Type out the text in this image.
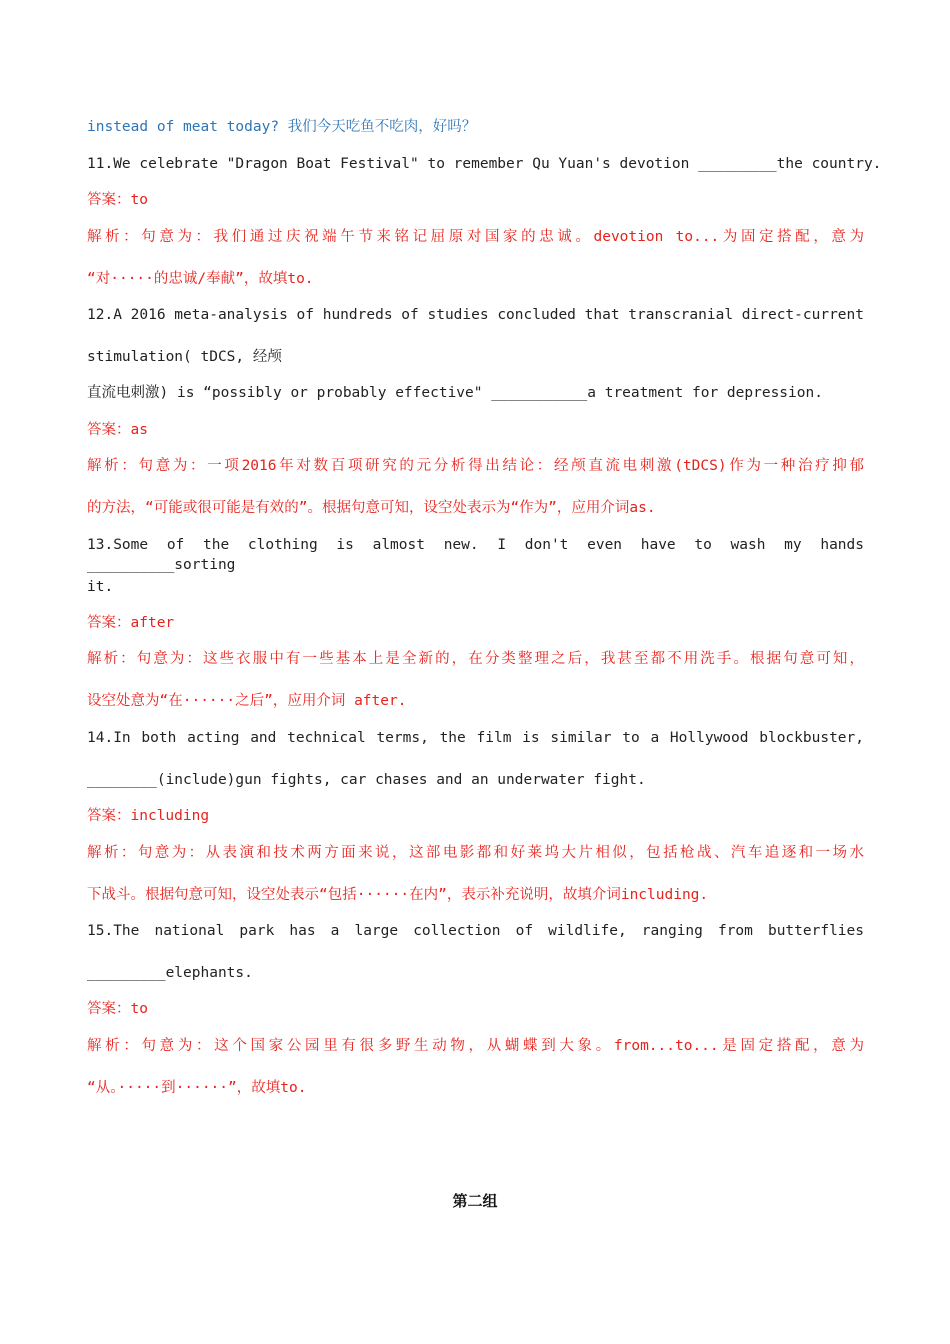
instead of meat today? 我们今天吃鱼不吃肉，好吗？
11.We celebrate "Dragon Boat Festival" to remember Qu Yuan's devotion _________the country.
答案：to
解析：句意为：我们通过庆祝端午节来铭记屈原对国家的忠诚。devotion to...为固定搭配，意为
“对·····的忠诚/奉献”，故填to.
12.A 2016 meta-analysis of hundreds of studies concluded that transcranial direct-current
stimulation( tDCS, 经颅
直流电刺激) is “possibly or probably effective" ___________a treatment for depression.
答案：as
解析：句意为：一项2016年对数百项研究的元分析得出结论：经颅直流电刺激(tDCS)作为一种治疗抑郁
的方法，“可能或很可能是有效的”。根据句意可知，设空处表示为“作为”，应用介词as.
13.Some of the clothing is almost new. I don't even have to wash my hands __________sorting
it.
答案：after
解析：句意为：这些衣服中有一些基本上是全新的，在分类整理之后，我甚至都不用洗手。根据句意可知，
设空处意为“在······之后”，应用介词 after.
14.In both acting and technical terms, the film is similar to a Hollywood blockbuster,
________(include)gun fights, car chases and an underwater fight.
答案：including
解析：句意为：从表演和技术两方面来说，这部电影都和好莱坞大片相似，包括枪战、汽车追逐和一场水
下战斗。根据句意可知，设空处表示“包括······在内”，表示补充说明，故填介词including.
15.The national park has a large collection of wildlife, ranging from butterflies
_________elephants.
答案：to
解析：句意为：这个国家公园里有很多野生动物，从蝴蝶到大象。from...to...是固定搭配，意为
“从。·····到······”，故填to.
第二组
